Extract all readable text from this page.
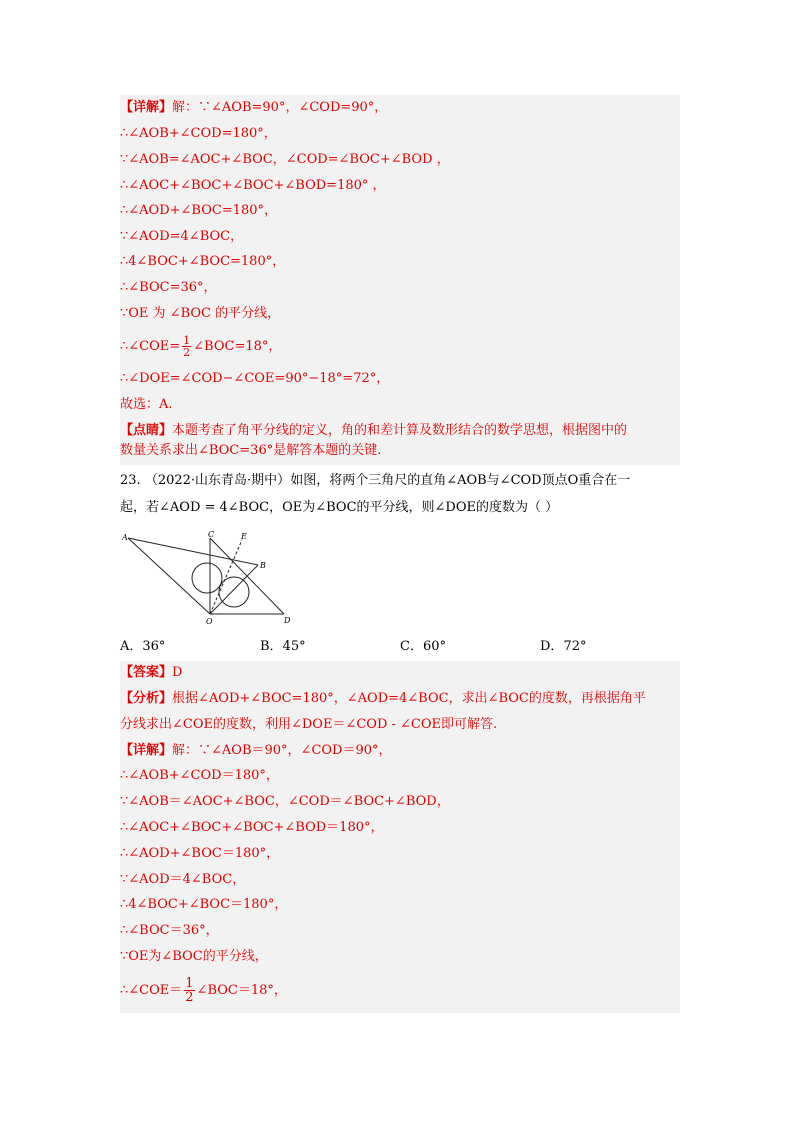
【详解】解：∵∠AOB=90°，∠COD=90°，
∴∠AOB+∠COD=180°，
∵∠AOB=∠AOC+∠BOC，∠COD=∠BOC+∠BOD ，
∴∠AOC+∠BOC+∠BOC+∠BOD=180° ，
∴∠AOD+∠BOC=180°，
∵∠AOD=4∠BOC，
∴4∠BOC+∠BOC=180°，
∴∠BOC=36°，
∵OE 为 ∠BOC 的平分线，
∴∠COE= $\frac{1}{2}$ ∠BOC=18°，
∴∠DOE=∠COD−∠COE=90°−18°=72°，
故选：A.
【点睛】本题考查了角平分线的定义，角的和差计算及数形结合的数学思想，根据图中的
数量关系求出∠BOC=36°是解答本题的关键.
23. （2022·山东青岛·期中）如图，将两个三角尺的直角∠AOB与∠COD顶点O重合在一
起，若∠AOD = 4∠BOC，OE为∠BOC的平分线，则∠DOE的度数为（ ）
A
B
C
D
E
O
A．36°	B．45°	C．60°	D．72°
【答案】D
【分析】根据∠AOD+∠BOC=180°，∠AOD=4∠BOC，求出∠BOC的度数，再根据角平
分线求出∠COE的度数，利用∠DOE＝∠COD - ∠COE即可解答.
【详解】解：∵∠AOB＝90°，∠COD＝90°，
∴∠AOB+∠COD＝180°，
∵∠AOB＝∠AOC+∠BOC，∠COD＝∠BOC+∠BOD，
∴∠AOC+∠BOC+∠BOC+∠BOD＝180°，
∴∠AOD+∠BOC＝180°，
∵∠AOD＝4∠BOC，
∴4∠BOC+∠BOC＝180°，
∴∠BOC＝36°，
∵OE为∠BOC的平分线，
∴∠COE＝ $\frac{1}{2}$ ∠BOC＝18°，
